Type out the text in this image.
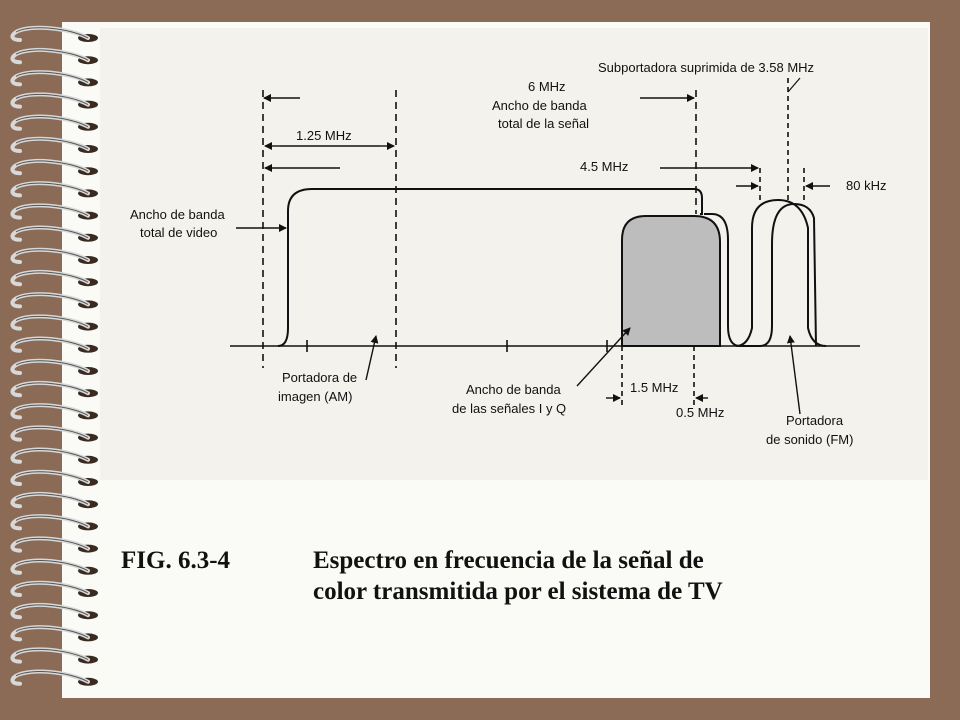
6 MHz
Ancho de banda
total de la señal
Subportadora suprimida de 3.58 MHz
1.25 MHz
4.5 MHz
80 kHz
Ancho de banda
total de video
Portadora de
imagen (AM)	Ancho de banda
de las señales I y Q
1.5 MHz
0.5 MHz
Portadora
de sonido (FM)
FIG. 6.3-4	Espectro en frecuencia de la señal de
color transmitida por el sistema de TV
